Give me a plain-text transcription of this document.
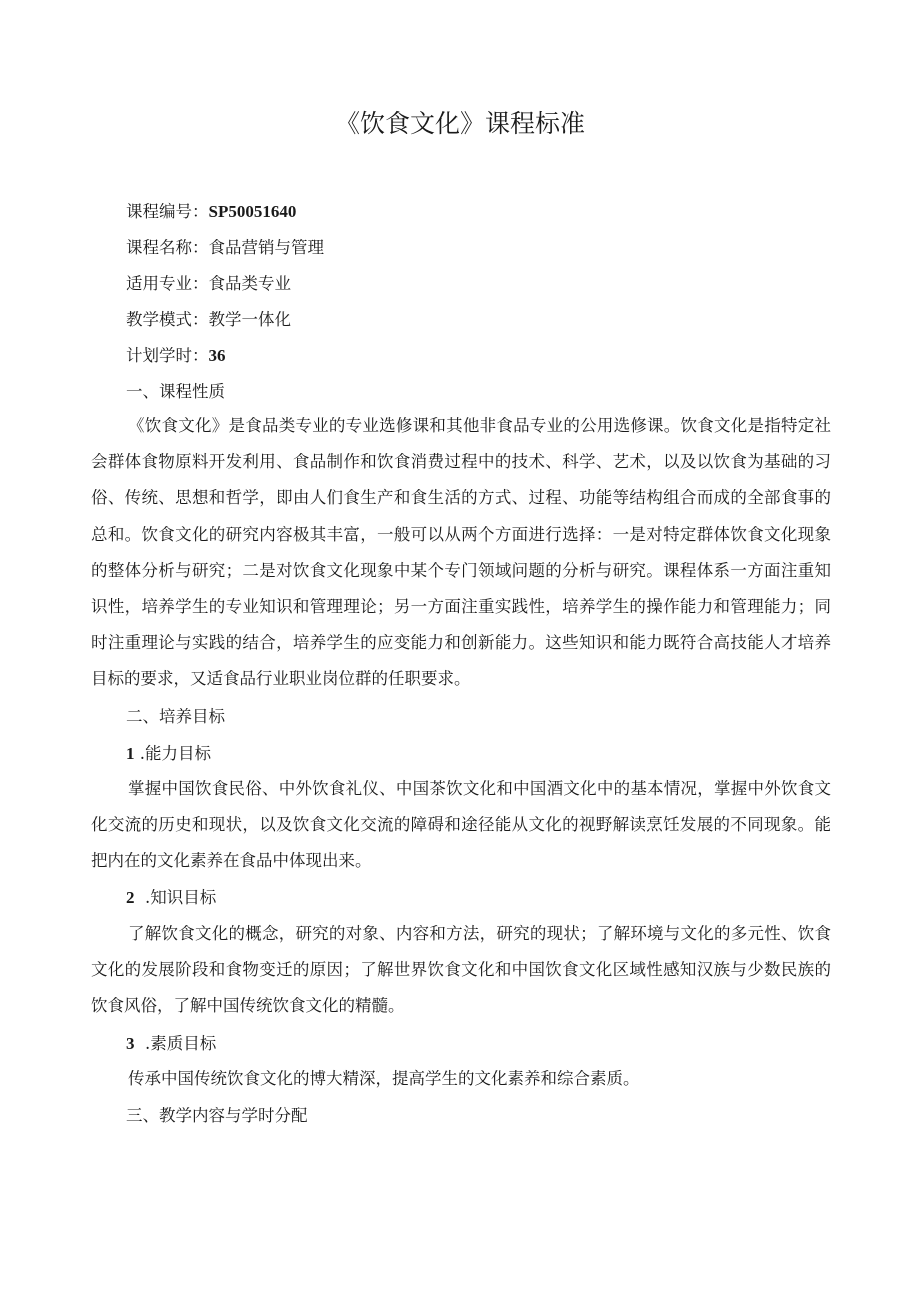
《饮食文化》课程标准
课程编号：SP50051640
课程名称：食品营销与管理
适用专业：食品类专业
教学模式：教学一体化
计划学时：36
一、课程性质
《饮食文化》是食品类专业的专业选修课和其他非食品专业的公用选修课。饮食文化是指特定社会群体食物原料开发利用、食品制作和饮食消费过程中的技术、科学、艺术，以及以饮食为基础的习俗、传统、思想和哲学，即由人们食生产和食生活的方式、过程、功能等结构组合而成的全部食事的总和。饮食文化的研究内容极其丰富，一般可以从两个方面进行选择：一是对特定群体饮食文化现象的整体分析与研究；二是对饮食文化现象中某个专门领域问题的分析与研究。课程体系一方面注重知识性，培养学生的专业知识和管理理论；另一方面注重实践性，培养学生的操作能力和管理能力；同时注重理论与实践的结合，培养学生的应变能力和创新能力。这些知识和能力既符合高技能人才培养目标的要求，又适食品行业职业岗位群的任职要求。
二、培养目标
1 .能力目标
掌握中国饮食民俗、中外饮食礼仪、中国茶饮文化和中国酒文化中的基本情况，掌握中外饮食文化交流的历史和现状，以及饮食文化交流的障碍和途径能从文化的视野解读烹饪发展的不同现象。能把内在的文化素养在食品中体现出来。
2 .知识目标
了解饮食文化的概念，研究的对象、内容和方法，研究的现状；了解环境与文化的多元性、饮食文化的发展阶段和食物变迁的原因；了解世界饮食文化和中国饮食文化区域性感知汉族与少数民族的饮食风俗，了解中国传统饮食文化的精髓。
3 .素质目标
传承中国传统饮食文化的博大精深，提高学生的文化素养和综合素质。
三、教学内容与学时分配
